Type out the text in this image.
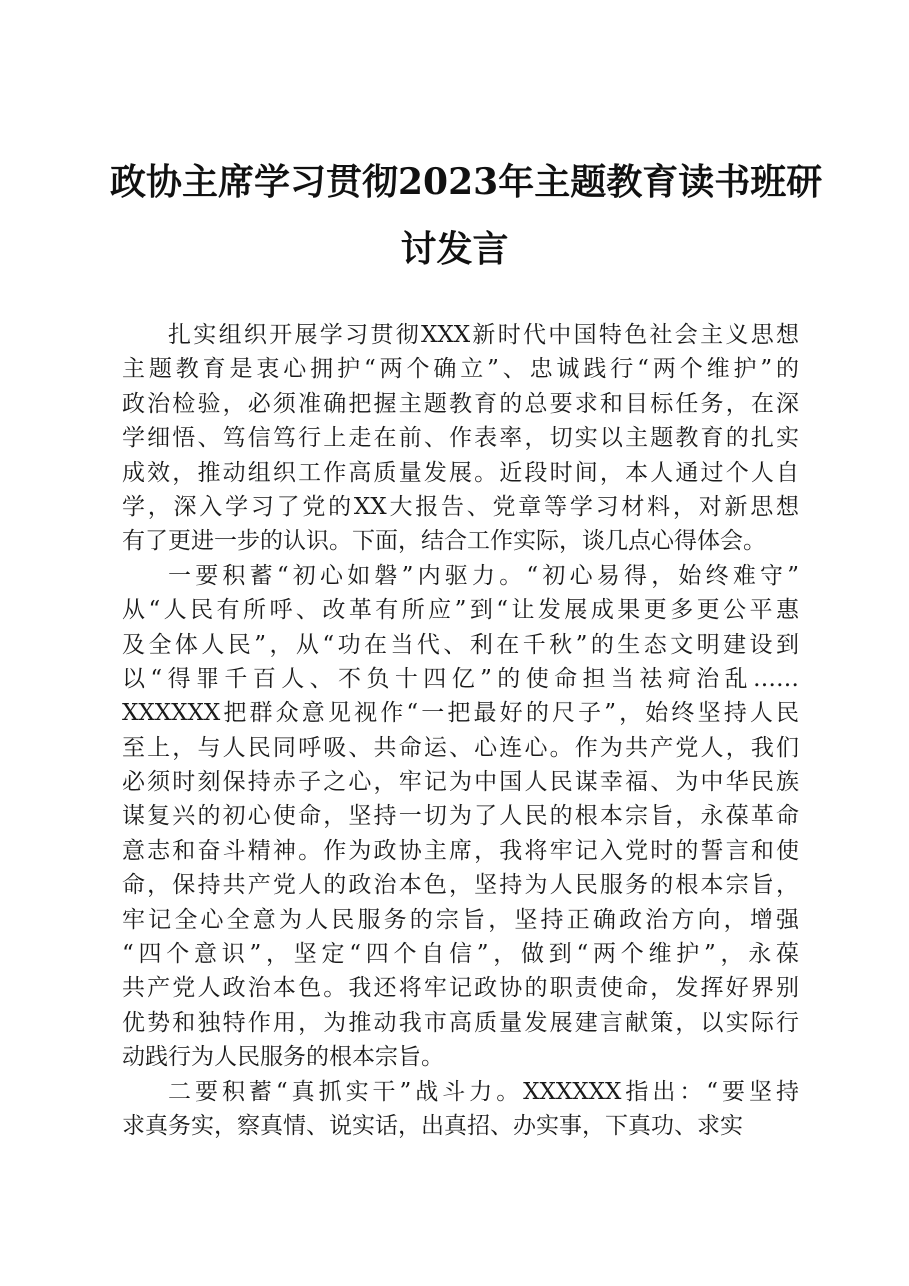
政协主席学习贯彻2023年主题教育读书班研
讨发言
扎实组织开展学习贯彻XXX新时代中国特色社会主义思想
主题教育是衷心拥护“两个确立”、忠诚践行“两个维护”的
政治检验，必须准确把握主题教育的总要求和目标任务，在深
学细悟、笃信笃行上走在前、作表率，切实以主题教育的扎实
成效，推动组织工作高质量发展。近段时间，本人通过个人自
学，深入学习了党的XX大报告、党章等学习材料，对新思想
有了更进一步的认识。下面，结合工作实际，谈几点心得体会。
一要积蓄“初心如磐”内驱力。“初心易得，始终难守”
从“人民有所呼、改革有所应”到“让发展成果更多更公平惠
及全体人民”，从“功在当代、利在千秋”的生态文明建设到
以“得罪千百人、不负十四亿”的使命担当祛疴治乱……
XXXXXX把群众意见视作“一把最好的尺子”，始终坚持人民
至上，与人民同呼吸、共命运、心连心。作为共产党人，我们
必须时刻保持赤子之心，牢记为中国人民谋幸福、为中华民族
谋复兴的初心使命，坚持一切为了人民的根本宗旨，永葆革命
意志和奋斗精神。作为政协主席，我将牢记入党时的誓言和使
命，保持共产党人的政治本色，坚持为人民服务的根本宗旨，
牢记全心全意为人民服务的宗旨，坚持正确政治方向，增强
“四个意识”，坚定“四个自信”，做到“两个维护”，永葆
共产党人政治本色。我还将牢记政协的职责使命，发挥好界别
优势和独特作用，为推动我市高质量发展建言献策，以实际行
动践行为人民服务的根本宗旨。
二要积蓄“真抓实干”战斗力。XXXXXX指出：“要坚持
求真务实，察真情、说实话，出真招、办实事，下真功、求实
